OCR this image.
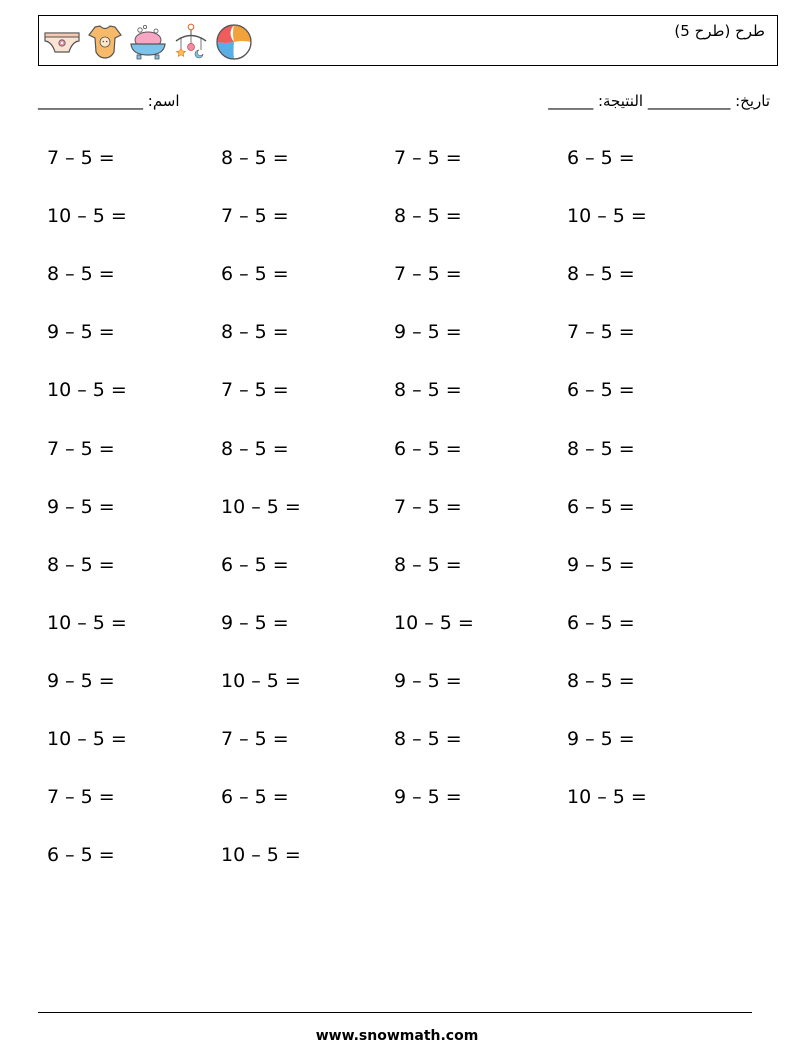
(طرح (طرح 5
______________ :اسم	______ :تاريخ: ___________ النتيجة
7 – 5 =	8 – 5 =	7 – 5 =	6 – 5 =
10 – 5 =	7 – 5 =	8 – 5 =	10 – 5 =
8 – 5 =	6 – 5 =	7 – 5 =	8 – 5 =
9 – 5 =	8 – 5 =	9 – 5 =	7 – 5 =
10 – 5 =	7 – 5 =	8 – 5 =	6 – 5 =
7 – 5 =	8 – 5 =	6 – 5 =	8 – 5 =
9 – 5 =	10 – 5 =	7 – 5 =	6 – 5 =
8 – 5 =	6 – 5 =	8 – 5 =	9 – 5 =
10 – 5 =	9 – 5 =	10 – 5 =	6 – 5 =
9 – 5 =	10 – 5 =	9 – 5 =	8 – 5 =
10 – 5 =	7 – 5 =	8 – 5 =	9 – 5 =
7 – 5 =	6 – 5 =	9 – 5 =	10 – 5 =
6 – 5 =	10 – 5 =
www.snowmath.com
